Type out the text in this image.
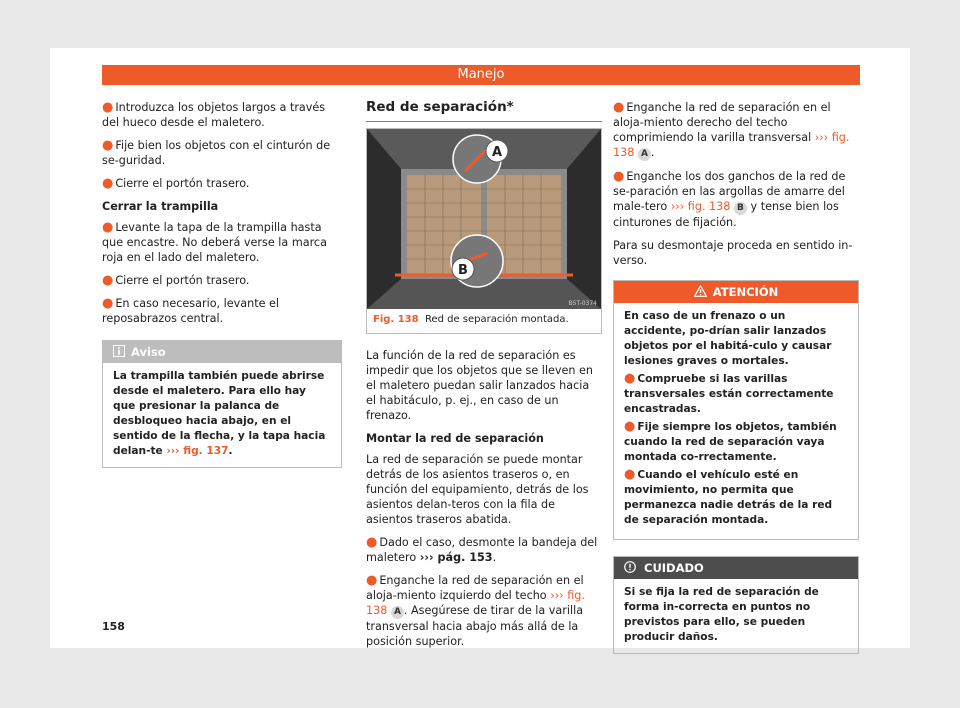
Manejo

● Introduzca los objetos largos a través del hueco desde el maletero.

● Fije bien los objetos con el cinturón de se-guridad.

● Cierre el portón trasero.

Cerrar la trampilla

● Levante la tapa de la trampilla hasta que encastre. No deberá verse la marca roja en el lado del maletero.

● Cierre el portón trasero.

● En caso necesario, levante el reposabrazos central.

Aviso
La trampilla también puede abrirse desde el maletero. Para ello hay que presionar la palanca de desbloqueo hacia abajo, en el sentido de la flecha, y la tapa hacia delan-te ››› fig. 137.
Red de separación*
A
B
B5T-0374
Fig. 138 Red de separación montada.

La función de la red de separación es impedir que los objetos que se lleven en el maletero puedan salir lanzados hacia el habitáculo, p. ej., en caso de un frenazo.

Montar la red de separación

La red de separación se puede montar detrás de los asientos traseros o, en función del equipamiento, detrás de los asientos delan-teros con la fila de asientos traseros abatida.

● Dado el caso, desmonte la bandeja del maletero ››› pág. 153.

● Enganche la red de separación en el aloja-miento izquierdo del techo ››› fig. 138 A . Asegúrese de tirar de la varilla transversal hacia abajo más allá de la posición superior.

● Enganche la red de separación en el aloja-miento derecho del techo comprimiendo la varilla transversal ››› fig. 138 A .

● Enganche los dos ganchos de la red de se-paración en las argollas de amarre del male-tero ››› fig. 138 B y tense bien los cinturones de fijación.

Para su desmontaje proceda en sentido in-verso.

ATENCIÓN

En caso de un frenazo o un accidente, po-drían salir lanzados objetos por el habitá-culo y causar lesiones graves o mortales.

● Compruebe si las varillas transversales están correctamente encastradas.

● Fije siempre los objetos, también cuando la red de separación vaya montada co-rrectamente.

● Cuando el vehículo esté en movimiento, no permita que permanezca nadie detrás de la red de separación montada.

CUIDADO
Si se fija la red de separación de forma in-correcta en puntos no previstos para ello, se pueden producir daños.
158
